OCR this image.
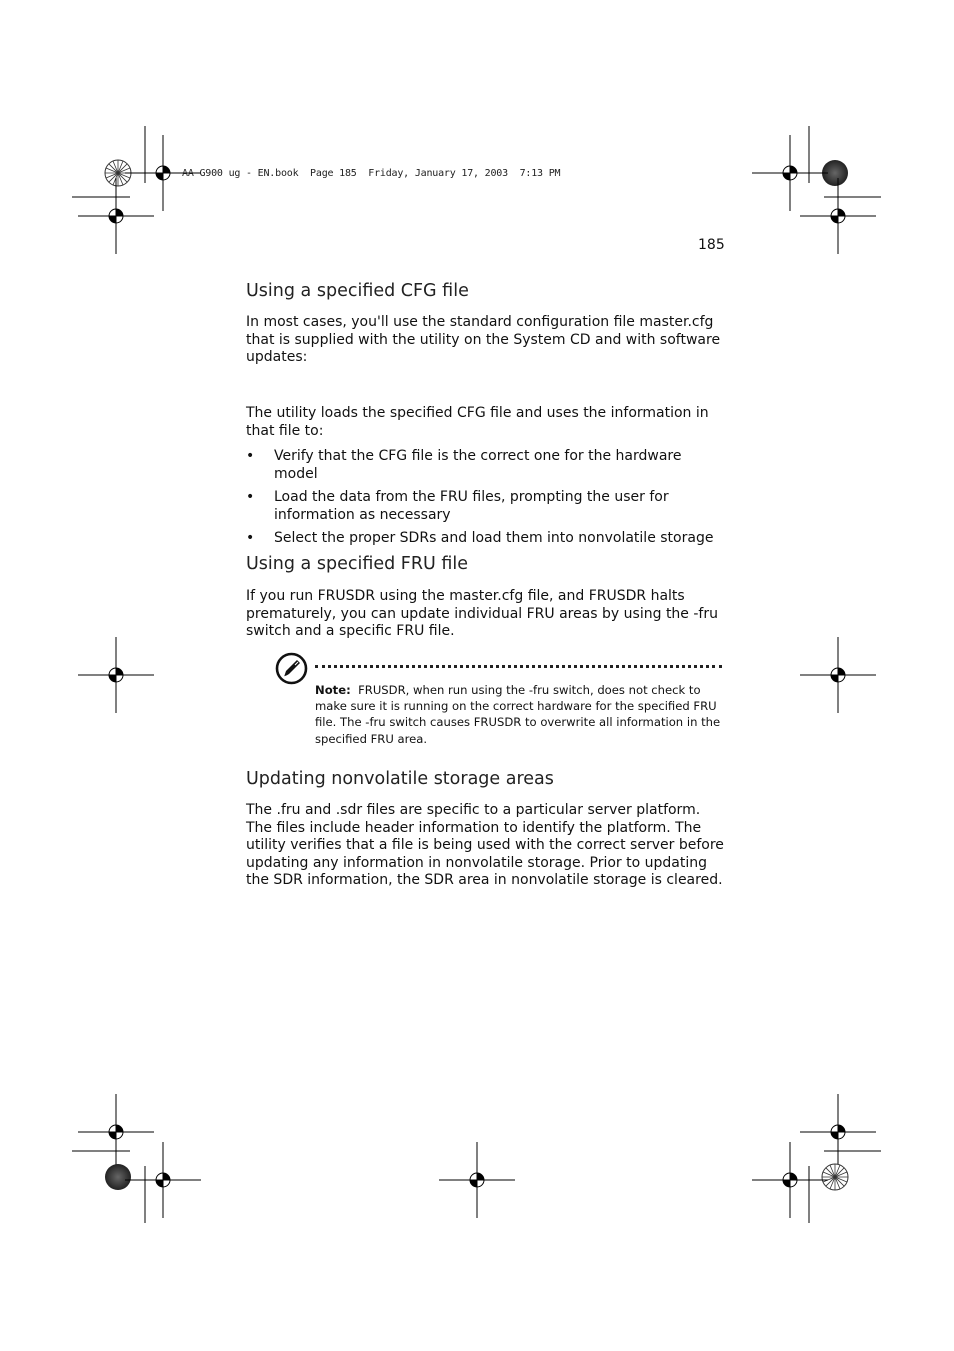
AA G900 ug - EN.book  Page 185  Friday, January 17, 2003  7:13 PM
185
Using a specified CFG file

In most cases, you'll use the standard configuration file master.cfg that is supplied with the utility on the System CD and with software updates:

The utility loads the specified CFG file and uses the information in that file to:

• Verify that the CFG file is the correct one for the hardware model
• Load the data from the FRU files, prompting the user for information as necessary
• Select the proper SDRs and load them into nonvolatile storage
Using a specified FRU file

If you run FRUSDR using the master.cfg file, and FRUSDR halts prematurely, you can update individual FRU areas by using the -fru switch and a specific FRU file.

Note: FRUSDR, when run using the -fru switch, does not check to make sure it is running on the correct hardware for the specified FRU file. The -fru switch causes FRUSDR to overwrite all information in the specified FRU area.

Updating nonvolatile storage areas

The .fru and .sdr files are specific to a particular server platform. The files include header information to identify the platform. The utility verifies that a file is being used with the correct server before updating any information in nonvolatile storage. Prior to updating the SDR information, the SDR area in nonvolatile storage is cleared.
